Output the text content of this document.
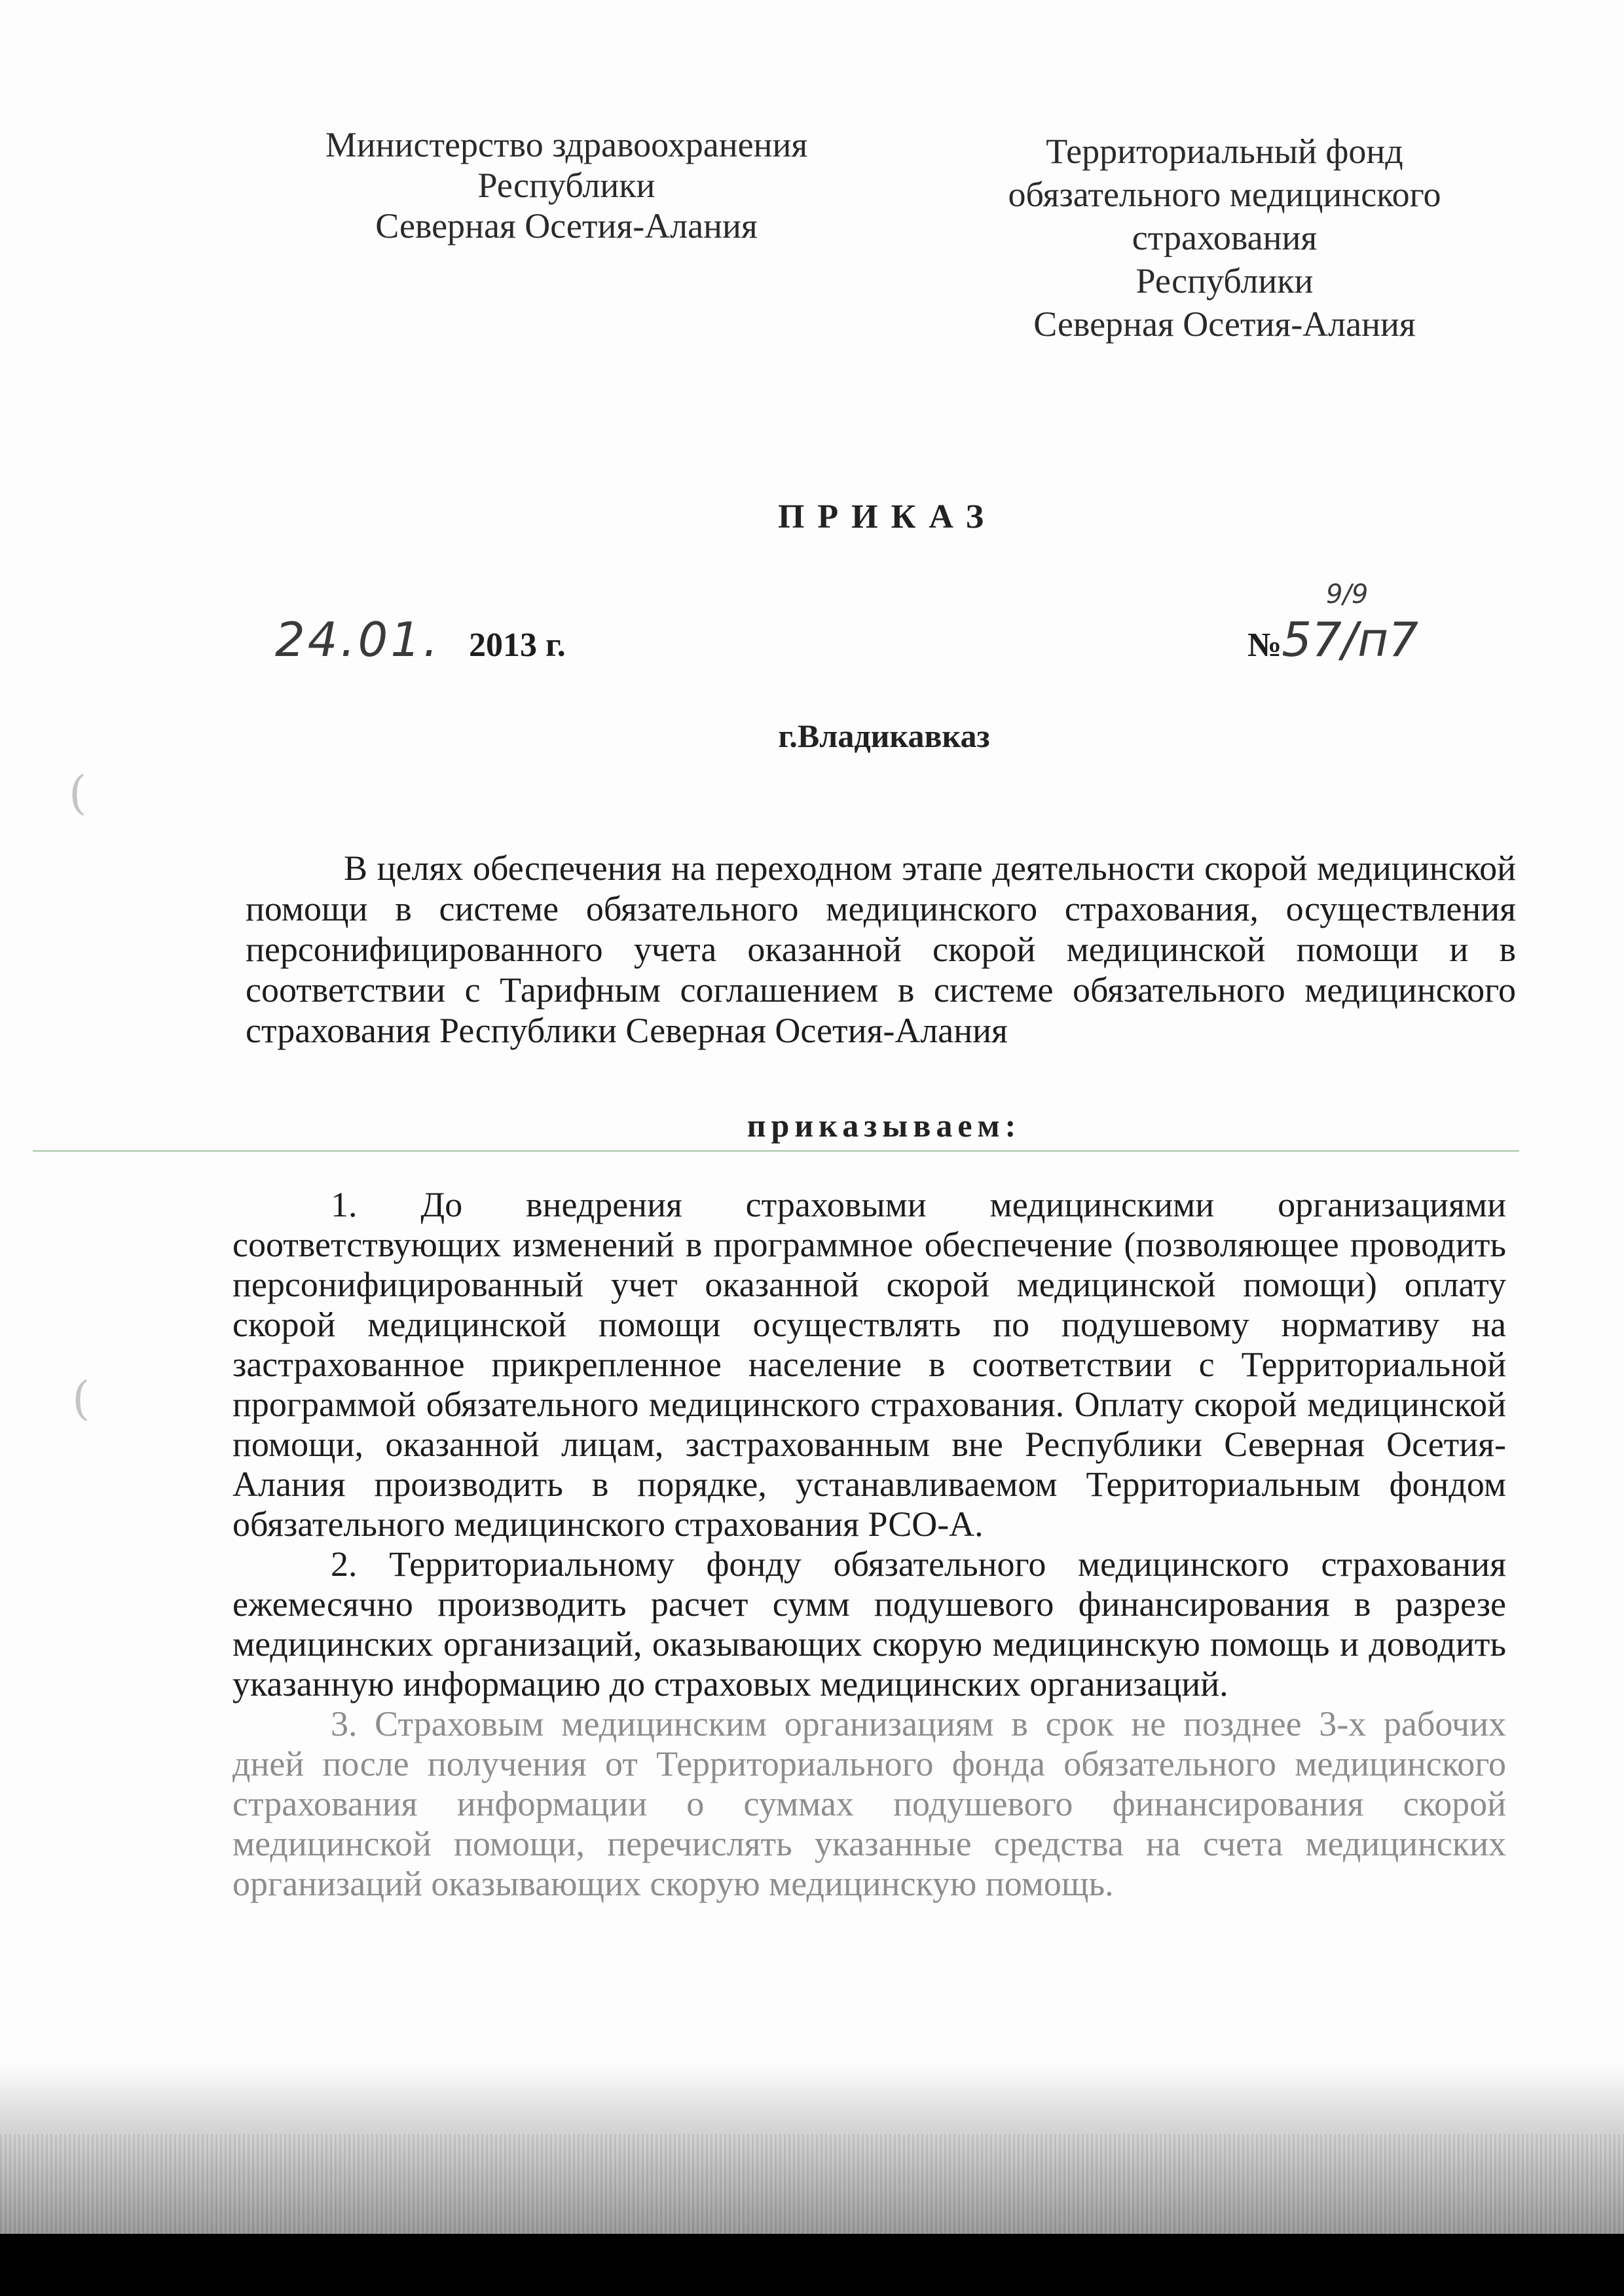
Министерство здравоохранения
Республики
Северная Осетия-Алания
Территориальный фонд
обязательного медицинского
страхования
Республики
Северная Осетия-Алания
ПРИКАЗ
24.01. 2013 г.	№57/п7
9/9
г.Владикавказ

В целях обеспечения на переходном этапе деятельности скорой медицинской помощи в системе обязательного медицинского страхования, осуществления персонифицированного учета оказанной скорой медицинской помощи и в соответствии с Тарифным соглашением в системе обязательного медицинского страхования Республики Северная Осетия-Алания

приказываем:

1. До внедрения страховыми медицинскими организациями соответствующих изменений в программное обеспечение (позволяющее проводить персонифицированный учет оказанной скорой медицинской помощи) оплату скорой медицинской помощи осуществлять по подушевому нормативу на застрахованное прикрепленное население в соответствии с Территориальной программой обязательного медицинского страхования. Оплату скорой медицинской помощи, оказанной лицам, застрахованным вне Республики Северная Осетия-Алания производить в порядке, устанавливаемом Территориальным фондом обязательного медицинского страхования РСО-А.

2. Территориальному фонду обязательного медицинского страхования ежемесячно производить расчет сумм подушевого финансирования в разрезе медицинских организаций, оказывающих скорую медицинскую помощь и доводить указанную информацию до страховых медицинских организаций.

3. Страховым медицинским организациям в срок не позднее 3-х рабочих дней после получения от Территориального фонда обязательного медицинского страхования информации о суммах подушевого финансирования скорой медицинской помощи, перечислять указанные средства на счета медицинских организаций оказывающих скорую медицинскую помощь.

(
(
